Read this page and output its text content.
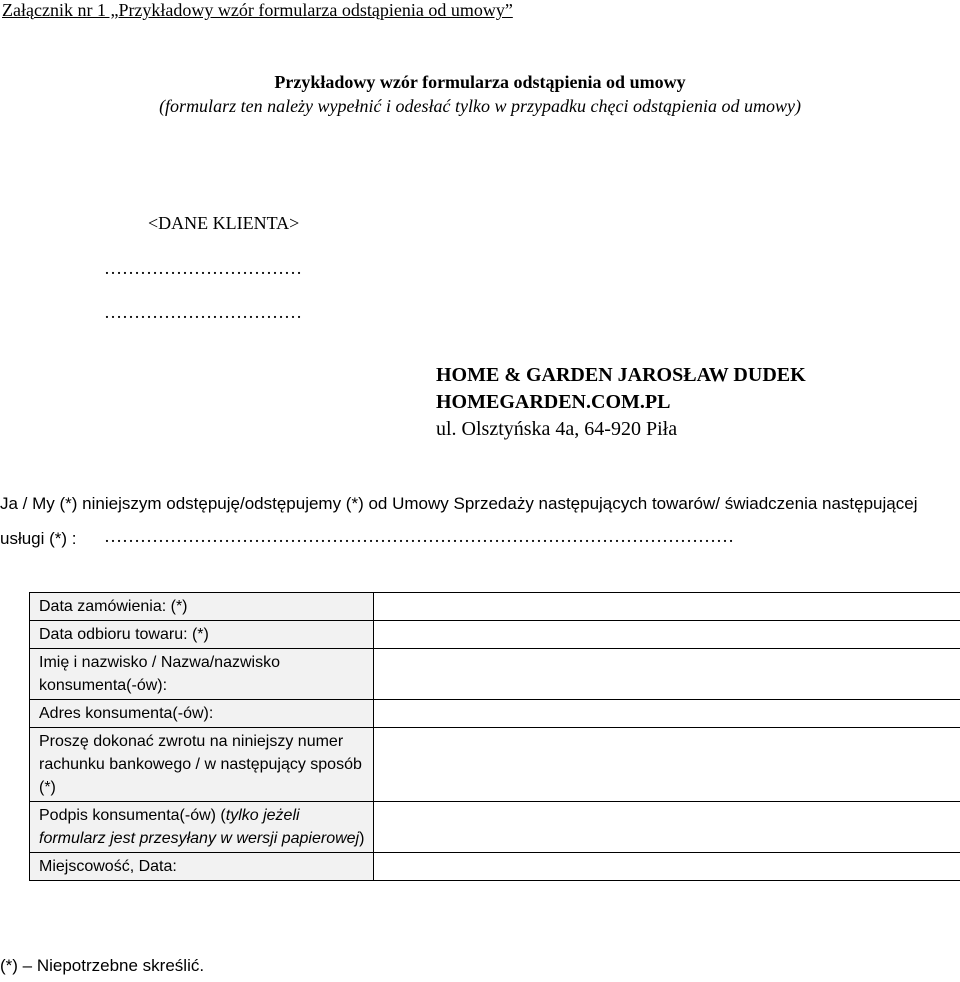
Załącznik nr 1 „Przykładowy wzór formularza odstąpienia od umowy”
Przykładowy wzór formularza odstąpienia od umowy
(formularz ten należy wypełnić i odesłać tylko w przypadku chęci odstąpienia od umowy)
<DANE KLIENTA>
……………………………
……………………………
HOME & GARDEN JAROSŁAW DUDEK
HOMEGARDEN.COM.PL
ul. Olsztyńska 4a, 64-920 Piła
Ja / My (*) niniejszym odstępuję/odstępujemy (*) od Umowy Sprzedaży następujących towarów/ świadczenia następującej
usługi (*) : ……………………………………………………………………………………………
Data zamówienia: (*)	
Data odbioru towaru: (*)	
Imię i nazwisko / Nazwa/nazwisko konsumenta(-ów):	
Adres konsumenta(-ów):	
Proszę dokonać zwrotu na niniejszy numer rachunku bankowego / w następujący sposób (*)	
Podpis konsumenta(-ów) (tylko jeżeli formularz jest przesyłany w wersji papierowej)	
Miejscowość, Data:	
(*) – Niepotrzebne skreślić.
